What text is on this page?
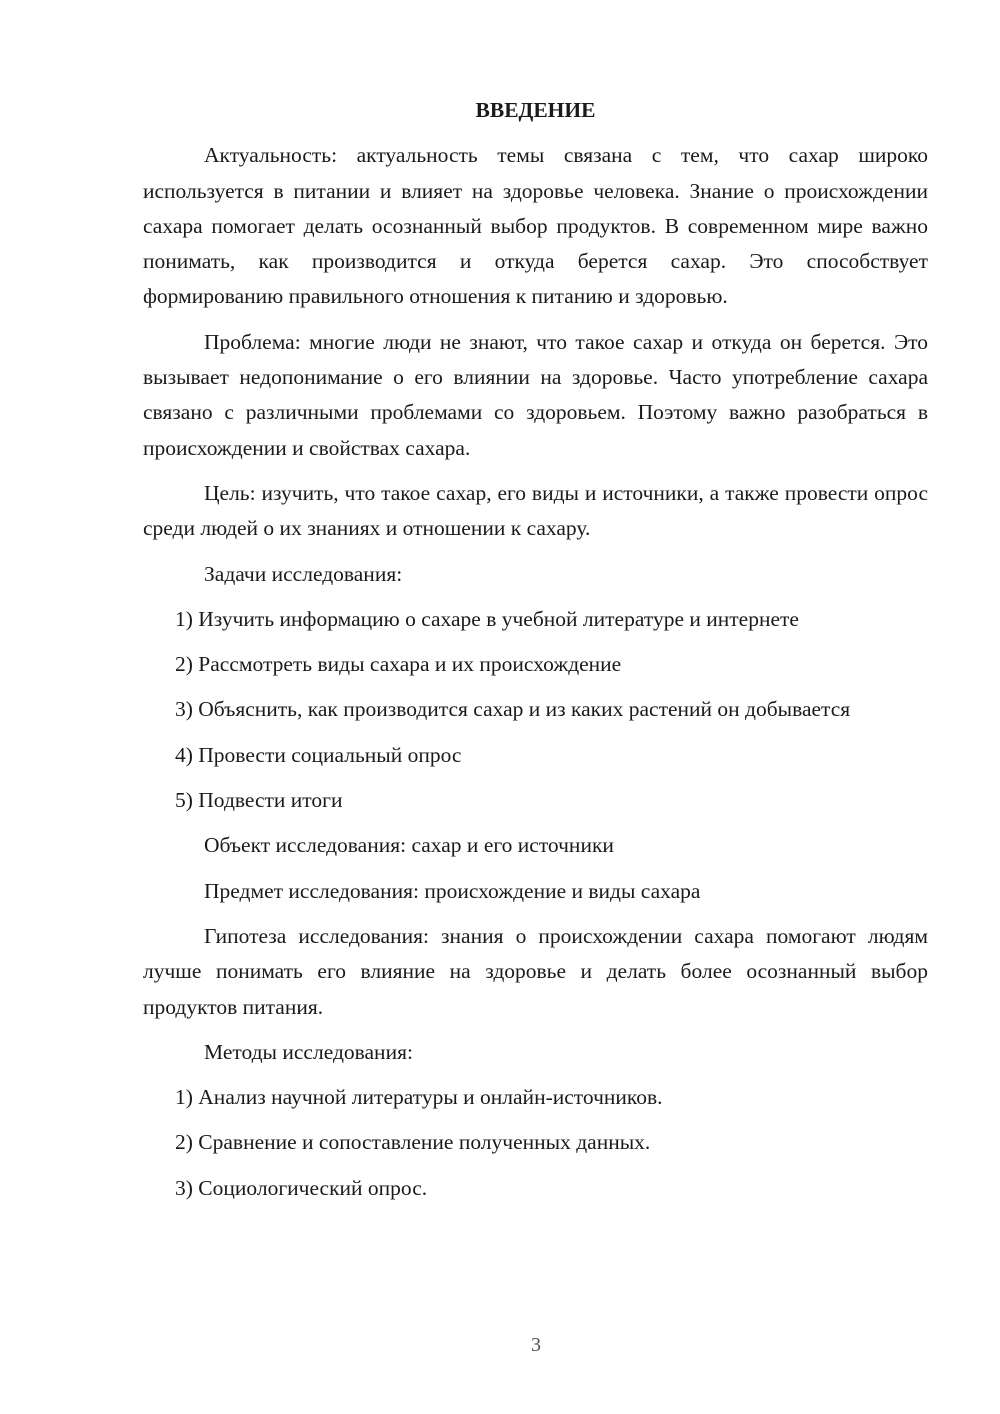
ВВЕДЕНИЕ
Актуальность: актуальность темы связана с тем, что сахар широко используется в питании и влияет на здоровье человека. Знание о происхождении сахара помогает делать осознанный выбор продуктов. В современном мире важно понимать, как производится и откуда берется сахар. Это способствует формированию правильного отношения к питанию и здоровью.
Проблема: многие люди не знают, что такое сахар и откуда он берется. Это вызывает недопонимание о его влиянии на здоровье. Часто употребление сахара связано с различными проблемами со здоровьем. Поэтому важно разобраться в происхождении и свойствах сахара.
Цель: изучить, что такое сахар, его виды и источники, а также провести опрос среди людей о их знаниях и отношении к сахару.
Задачи исследования:
1) Изучить информацию о сахаре в учебной литературе и интернете
2) Рассмотреть виды сахара и их происхождение
3) Объяснить, как производится сахар и из каких растений он добывается
4) Провести социальный опрос
5) Подвести итоги
Объект исследования: сахар и его источники
Предмет исследования: происхождение и виды сахара
Гипотеза исследования: знания о происхождении сахара помогают людям лучше понимать его влияние на здоровье и делать более осознанный выбор продуктов питания.
Методы исследования:
1) Анализ научной литературы и онлайн-источников.
2) Сравнение и сопоставление полученных данных.
3) Социологический опрос.
3
